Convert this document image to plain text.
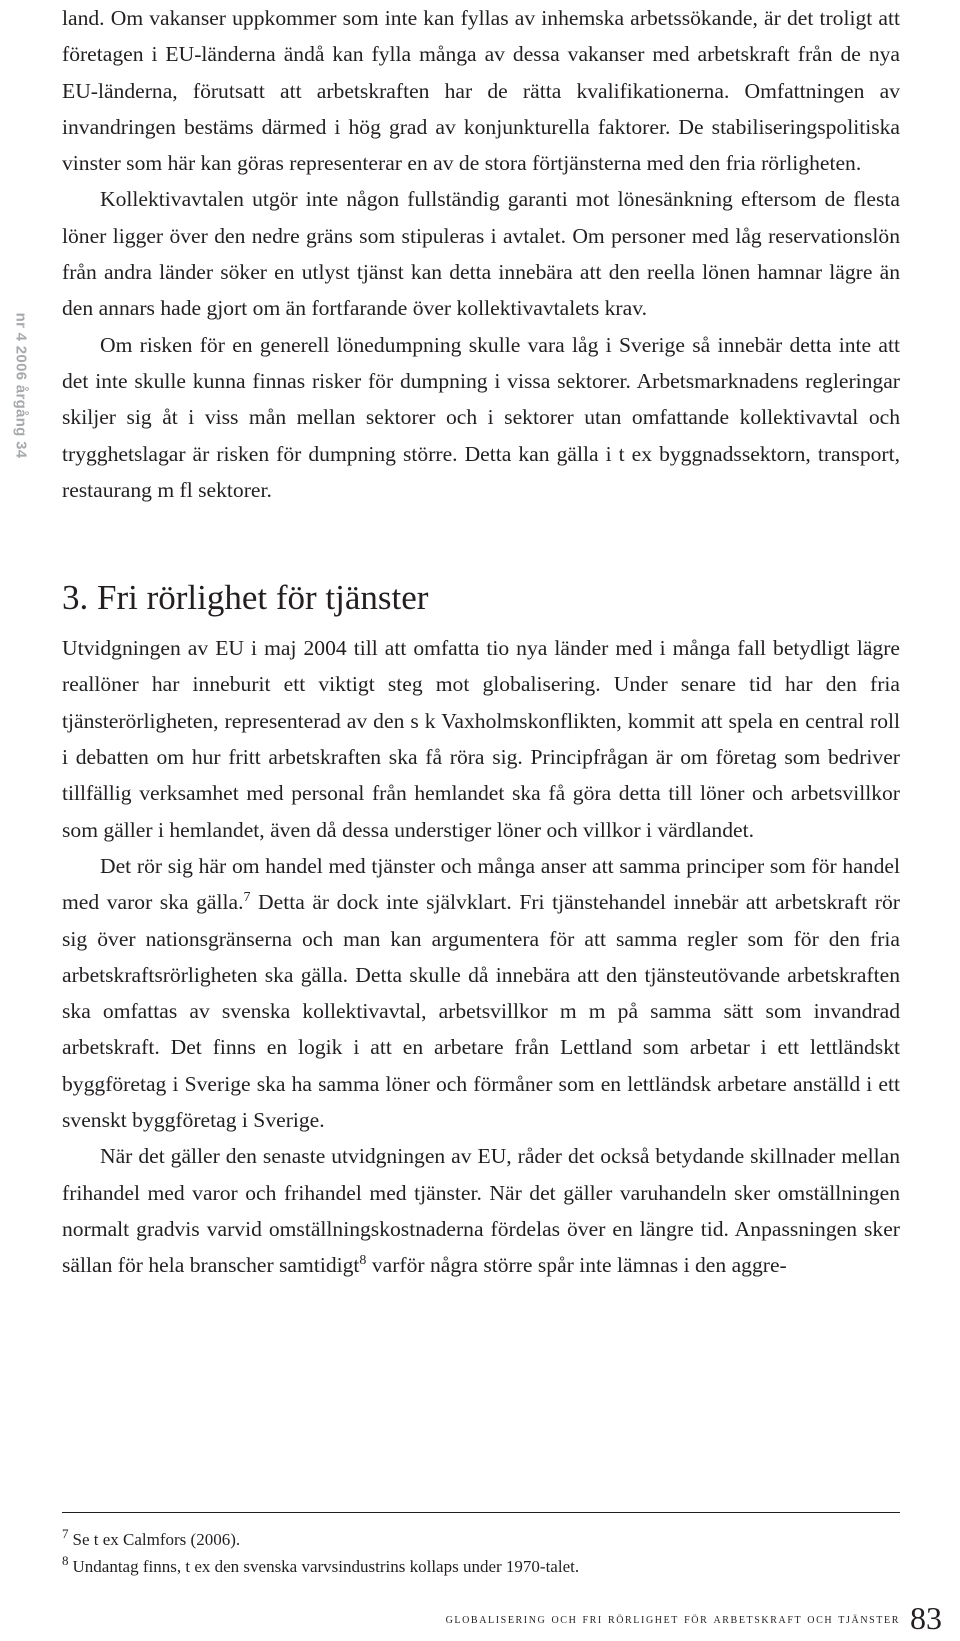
nr 4 2006 årgång 34

land. Om vakanser uppkommer som inte kan fyllas av inhemska arbetssökande, är det troligt att företagen i EU-länderna ändå kan fylla många av dessa vakanser med arbetskraft från de nya EU-länderna, förutsatt att arbetskraften har de rätta kvalifikationerna. Omfattningen av invandringen bestäms därmed i hög grad av konjunkturella faktorer. De stabiliseringspolitiska vinster som här kan göras representerar en av de stora förtjänsterna med den fria rörligheten.

Kollektivavtalen utgör inte någon fullständig garanti mot lönesänkning eftersom de flesta löner ligger över den nedre gräns som stipuleras i avtalet. Om personer med låg reservationslön från andra länder söker en utlyst tjänst kan detta innebära att den reella lönen hamnar lägre än den annars hade gjort om än fortfarande över kollektivavtalets krav.

Om risken för en generell lönedumpning skulle vara låg i Sverige så innebär detta inte att det inte skulle kunna finnas risker för dumpning i vissa sektorer. Arbetsmarknadens regleringar skiljer sig åt i viss mån mellan sektorer och i sektorer utan omfattande kollektivavtal och trygghetslagar är risken för dumpning större. Detta kan gälla i t ex byggnadssektorn, transport, restaurang m fl sektorer.

3. Fri rörlighet för tjänster

Utvidgningen av EU i maj 2004 till att omfatta tio nya länder med i många fall betydligt lägre reallöner har inneburit ett viktigt steg mot globalisering. Under senare tid har den fria tjänsterörligheten, representerad av den s k Vaxholmskonflikten, kommit att spela en central roll i debatten om hur fritt arbetskraften ska få röra sig. Principfrågan är om företag som bedriver tillfällig verksamhet med personal från hemlandet ska få göra detta till löner och arbetsvillkor som gäller i hemlandet, även då dessa understiger löner och villkor i värdlandet.

Det rör sig här om handel med tjänster och många anser att samma principer som för handel med varor ska gälla.$^7$ Detta är dock inte självklart. Fri tjänstehandel innebär att arbetskraft rör sig över nationsgränserna och man kan argumentera för att samma regler som för den fria arbetskraftsrörligheten ska gälla. Detta skulle då innebära att den tjänsteutövande arbetskraften ska omfattas av svenska kollektivavtal, arbetsvillkor m m på samma sätt som invandrad arbetskraft. Det finns en logik i att en arbetare från Lettland som arbetar i ett lettländskt byggföretag i Sverige ska ha samma löner och förmåner som en lettländsk arbetare anställd i ett svenskt byggföretag i Sverige.

När det gäller den senaste utvidgningen av EU, råder det också betydande skillnader mellan frihandel med varor och frihandel med tjänster. När det gäller varuhandeln sker omställningen normalt gradvis varvid omställningskostnaderna fördelas över en längre tid. Anpassningen sker sällan för hela branscher samtidigt$^8$ varför några större spår inte lämnas i den aggre-

$^7$ Se t ex Calmfors (2006).

$^8$ Undantag finns, t ex den svenska varvsindustrins kollaps under 1970-talet.

globalisering och fri rörlighet för arbetskraft och tjänster 83
